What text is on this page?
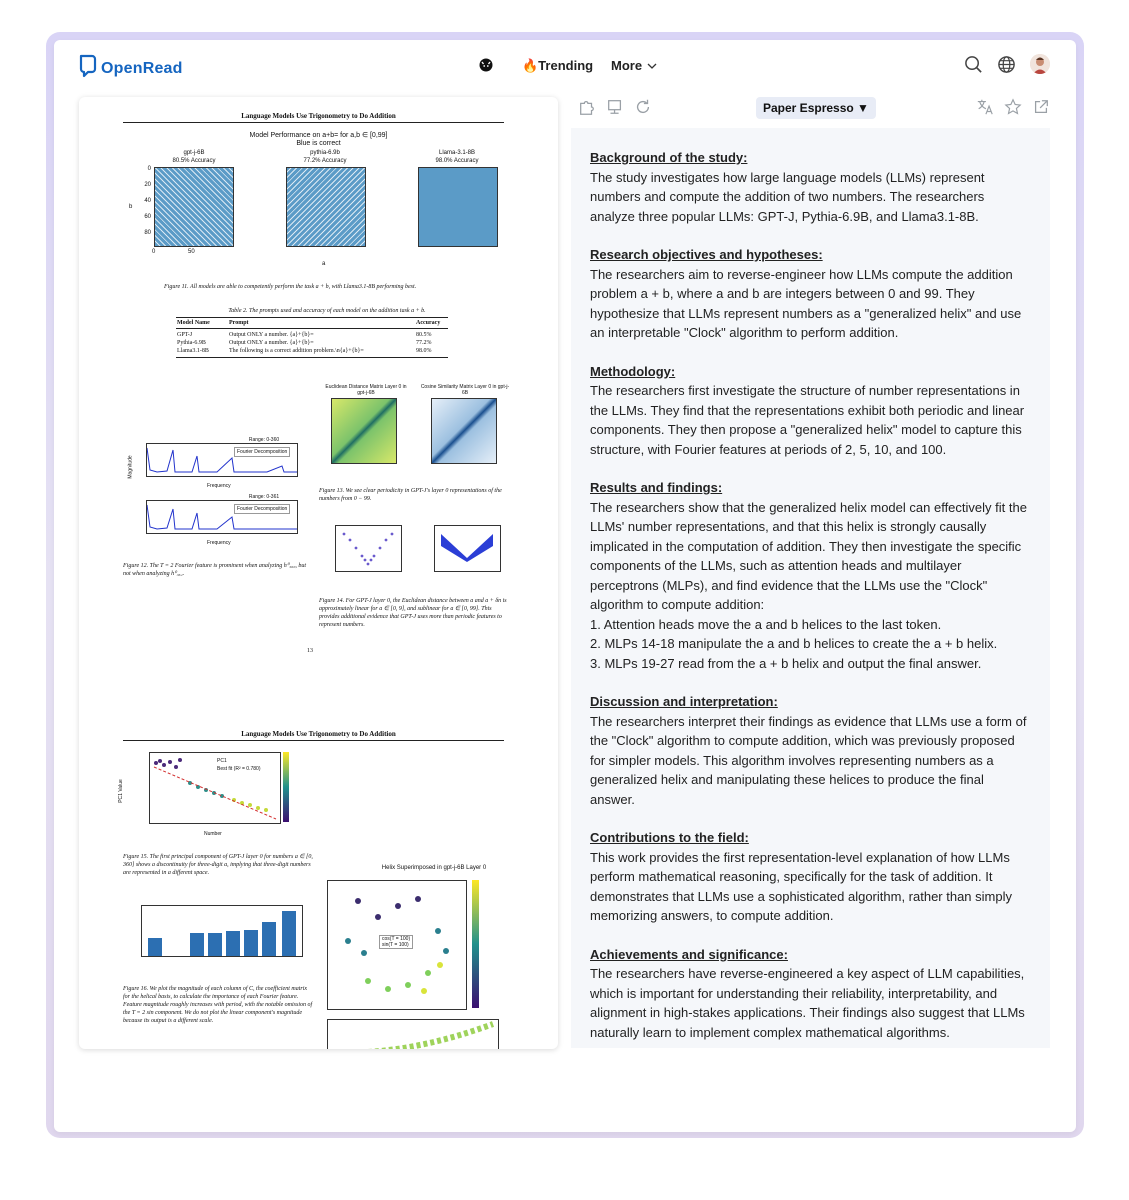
OpenRead	🔥Trending More
Language Models Use Trigonometry to Do Addition
Model Performance on a+b= for a,b ∈ [0,99]
Blue is correct
gpt-j-6B
80.5% Accuracy
pythia-6.9b
77.2% Accuracy
Llama-3.1-8B
98.0% Accuracy
0
20
40
60
80
b
0	50
a
Figure 11. All models are able to competently perform the task a + b, with Llama3.1-8B performing best.
Table 2. The prompts used and accuracy of each model on the addition task a + b.
Model Name	Prompt	Accuracy
GPT-J	Output ONLY a number. {a}+{b}=	80.5%
Pythia-6.9B	Output ONLY a number. {a}+{b}=	77.2%
Llama3.1-8B	The following is a correct addition problem.\n{a}+{b}=	98.0%
Range: 0-360
Fourier Decomposition
Magnitude
Frequency
Range: 0-361
Fourier Decomposition
Frequency
Figure 12. The T = 2 Fourier feature is prominent when analyzing h⁰₃₆₀, but not when analyzing h⁰₃₆₁.
Euclidean Distance Matrix Layer 0 in gpt-j-6B
Cosine Similarity Matrix Layer 0 in gpt-j-6B
Figure 13. We see clear periodicity in GPT-J's layer 0 representations of the numbers from 0 − 99.
Figure 14. For GPT-J layer 0, the Euclidean distance between a and a + δn is approximately linear for a ∈ [0, 9], and sublinear for a ∈ [0, 99]. This provides additional evidence that GPT-J uses more than periodic features to represent numbers.
13
Language Models Use Trigonometry to Do Addition
PC1
Best fit (R² = 0.780)
PC1 Value
Number
Figure 15. The first principal component of GPT-J layer 0 for numbers a ∈ [0, 360] shows a discontinuity for three-digit a, implying that three-digit numbers are represented in a different space.
Figure 16. We plot the magnitude of each column of C, the coefficient matrix for the helical basis, to calculate the importance of each Fourier feature. Feature magnitude roughly increases with period, with the notable omission of the T = 2 sin component. We do not plot the linear component's magnitude because its output is a different scale.
Helix Superimposed in gpt-j-6B Layer 0
cos(T = 100)
sin(T = 100)
Paper Espresso ▼
Background of the study:

The study investigates how large language models (LLMs) represent numbers and compute the addition of two numbers. The researchers analyze three popular LLMs: GPT-J, Pythia-6.9B, and Llama3.1-8B.

Research objectives and hypotheses:

The researchers aim to reverse-engineer how LLMs compute the addition problem a + b, where a and b are integers between 0 and 99. They hypothesize that LLMs represent numbers as a "generalized helix" and use an interpretable "Clock" algorithm to perform addition.

Methodology:

The researchers first investigate the structure of number representations in the LLMs. They find that the representations exhibit both periodic and linear components. They then propose a "generalized helix" model to capture this structure, with Fourier features at periods of 2, 5, 10, and 100.

Results and findings:

The researchers show that the generalized helix model can effectively fit the LLMs' number representations, and that this helix is strongly causally implicated in the computation of addition. They then investigate the specific components of the LLMs, such as attention heads and multilayer perceptrons (MLPs), and find evidence that the LLMs use the "Clock" algorithm to compute addition:

1. Attention heads move the a and b helices to the last token.

2. MLPs 14-18 manipulate the a and b helices to create the a + b helix.

3. MLPs 19-27 read from the a + b helix and output the final answer.

Discussion and interpretation:

The researchers interpret their findings as evidence that LLMs use a form of the "Clock" algorithm to compute addition, which was previously proposed for simpler models. This algorithm involves representing numbers as a generalized helix and manipulating these helices to produce the final answer.

Contributions to the field:

This work provides the first representation-level explanation of how LLMs perform mathematical reasoning, specifically for the task of addition. It demonstrates that LLMs use a sophisticated algorithm, rather than simply memorizing answers, to compute addition.

Achievements and significance:

The researchers have reverse-engineered a key aspect of LLM capabilities, which is important for understanding their reliability, interpretability, and alignment in high-stakes applications. Their findings also suggest that LLMs naturally learn to implement complex mathematical algorithms.
